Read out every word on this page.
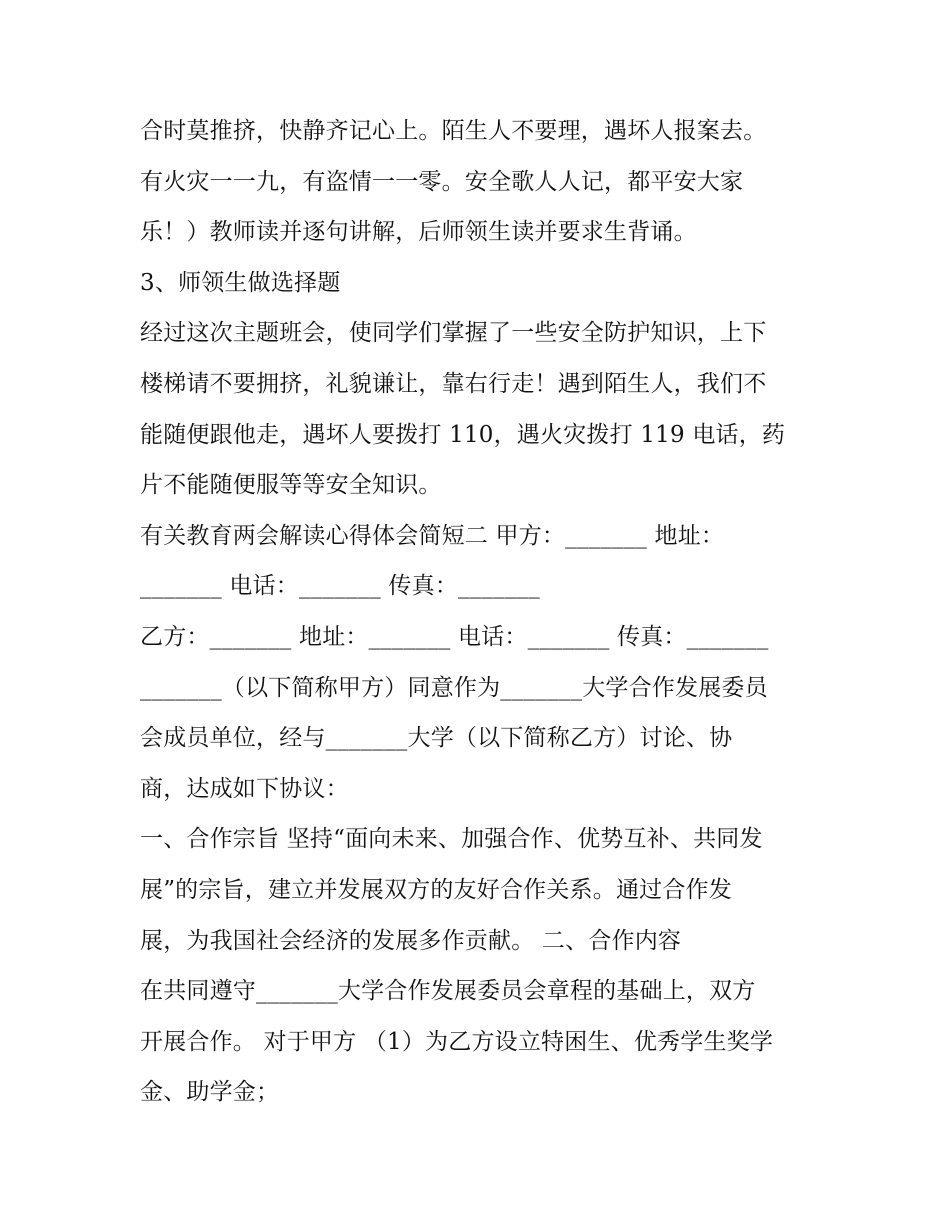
合时莫推挤，快静齐记心上。陌生人不要理，遇坏人报案去。
有火灾一一九，有盗情一一零。安全歌人人记，都平安大家
乐！）教师读并逐句讲解，后师领生读并要求生背诵。
3、师领生做选择题
经过这次主题班会，使同学们掌握了一些安全防护知识，上下
楼梯请不要拥挤，礼貌谦让，靠右行走！遇到陌生人，我们不
能随便跟他走，遇坏人要拨打 110，遇火灾拨打 119 电话，药
片不能随便服等等安全知识。
有关教育两会解读心得体会简短二 甲方：_______ 地址：
_______ 电话：_______ 传真：_______
乙方：_______ 地址：_______ 电话：_______ 传真：_______
_______（以下简称甲方）同意作为_______大学合作发展委员
会成员单位，经与_______大学（以下简称乙方）讨论、协
商，达成如下协议：
一、合作宗旨 坚持“面向未来、加强合作、优势互补、共同发
展”的宗旨，建立并发展双方的友好合作关系。通过合作发
展，为我国社会经济的发展多作贡献。 二、合作内容
在共同遵守_______大学合作发展委员会章程的基础上，双方
开展合作。 对于甲方 （1）为乙方设立特困生、优秀学生奖学
金、助学金；
